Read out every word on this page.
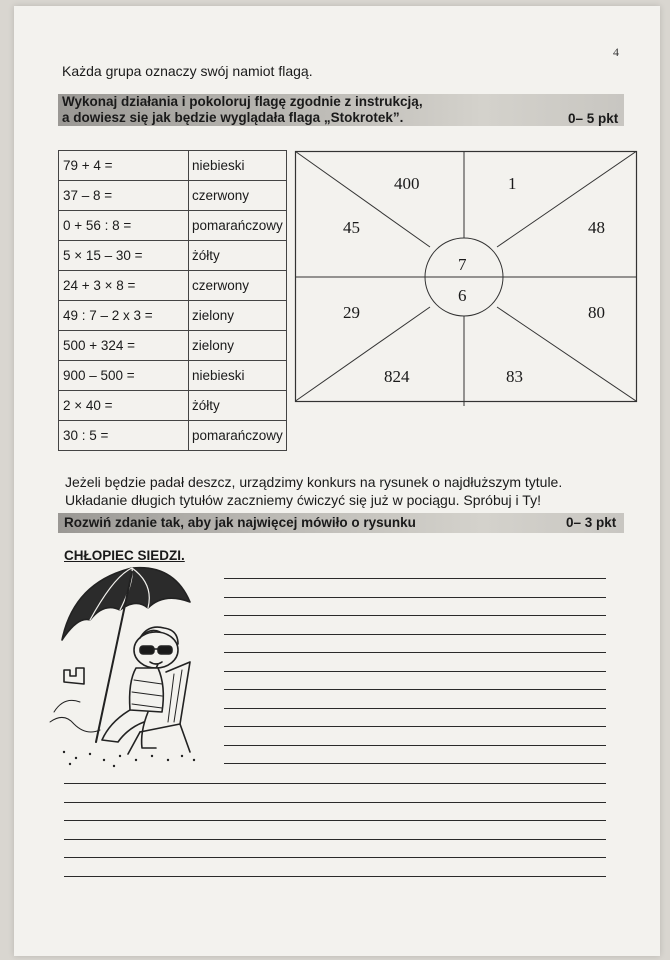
4
Każda grupa oznaczy swój namiot flagą.
Wykonaj działania i pokoloruj flagę zgodnie z instrukcją,
a dowiesz się jak będzie wyglądała flaga „Stokrotek”.	0– 5 pkt
79 + 4 =	niebieski
37 – 8 =	czerwony
0 + 56 : 8 =	pomarańczowy
5 × 15 – 30 =	żółty
24 + 3 × 8 =	czerwony
49 : 7 – 2 x 3 =	zielony
500 + 324 =	zielony
900 – 500 =	niebieski
2 × 40 =	żółty
30 : 5 =	pomarańczowy
400	1
45	48
7
6
29	80
824	83
Jeżeli będzie padał deszcz, urządzimy konkurs na rysunek o najdłuższym tytule.
Układanie długich tytułów zaczniemy ćwiczyć się już w pociągu. Spróbuj i Ty!
Rozwiń zdanie tak, aby jak najwięcej mówiło o rysunku	0– 3 pkt
CHŁOPIEC SIEDZI.
